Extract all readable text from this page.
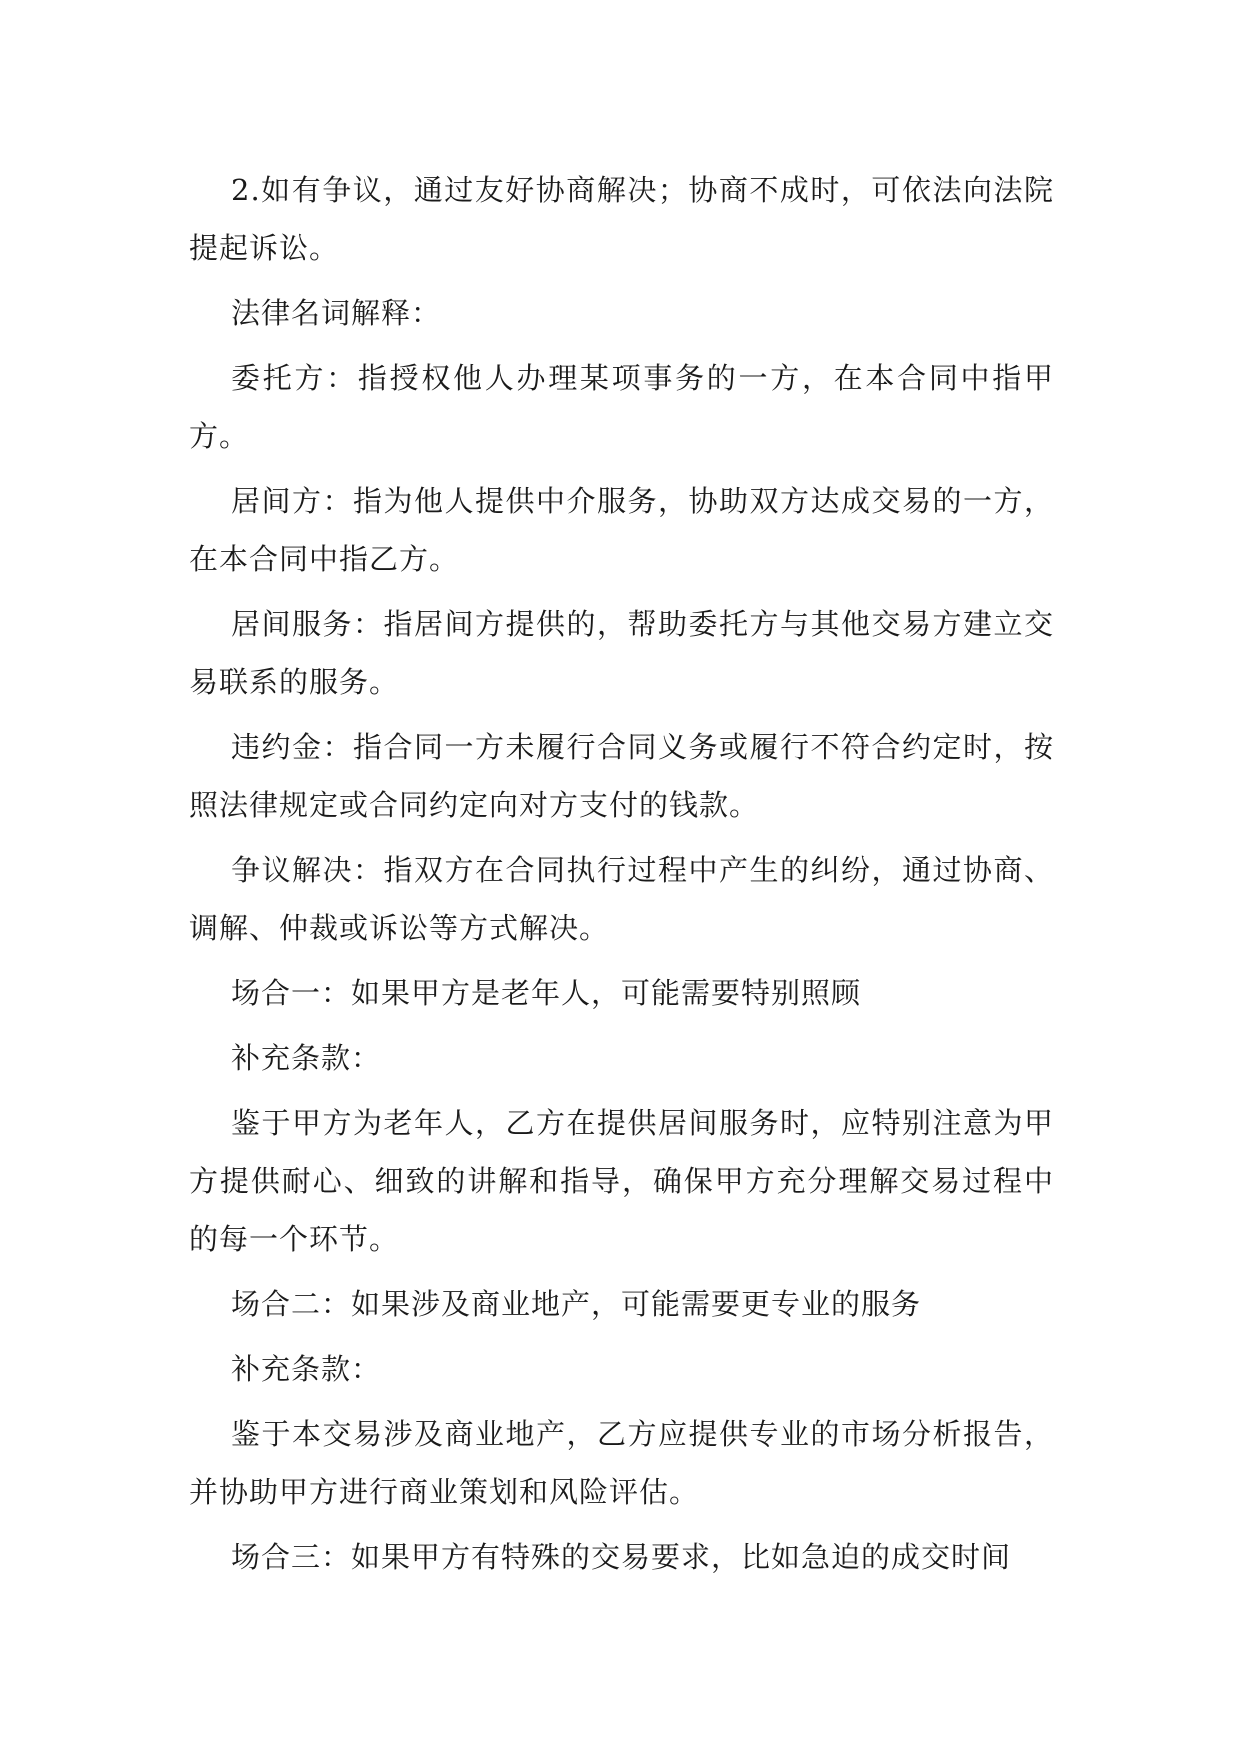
2.如有争议，通过友好协商解决；协商不成时，可依法向法院提起诉讼。

法律名词解释：

委托方：指授权他人办理某项事务的一方，在本合同中指甲方。

居间方：指为他人提供中介服务，协助双方达成交易的一方，在本合同中指乙方。

居间服务：指居间方提供的，帮助委托方与其他交易方建立交易联系的服务。

违约金：指合同一方未履行合同义务或履行不符合约定时，按照法律规定或合同约定向对方支付的钱款。

争议解决：指双方在合同执行过程中产生的纠纷，通过协商、调解、仲裁或诉讼等方式解决。

场合一：如果甲方是老年人，可能需要特别照顾

补充条款：

鉴于甲方为老年人，乙方在提供居间服务时，应特别注意为甲方提供耐心、细致的讲解和指导，确保甲方充分理解交易过程中的每一个环节。

场合二：如果涉及商业地产，可能需要更专业的服务

补充条款：

鉴于本交易涉及商业地产，乙方应提供专业的市场分析报告，并协助甲方进行商业策划和风险评估。

场合三：如果甲方有特殊的交易要求，比如急迫的成交时间
